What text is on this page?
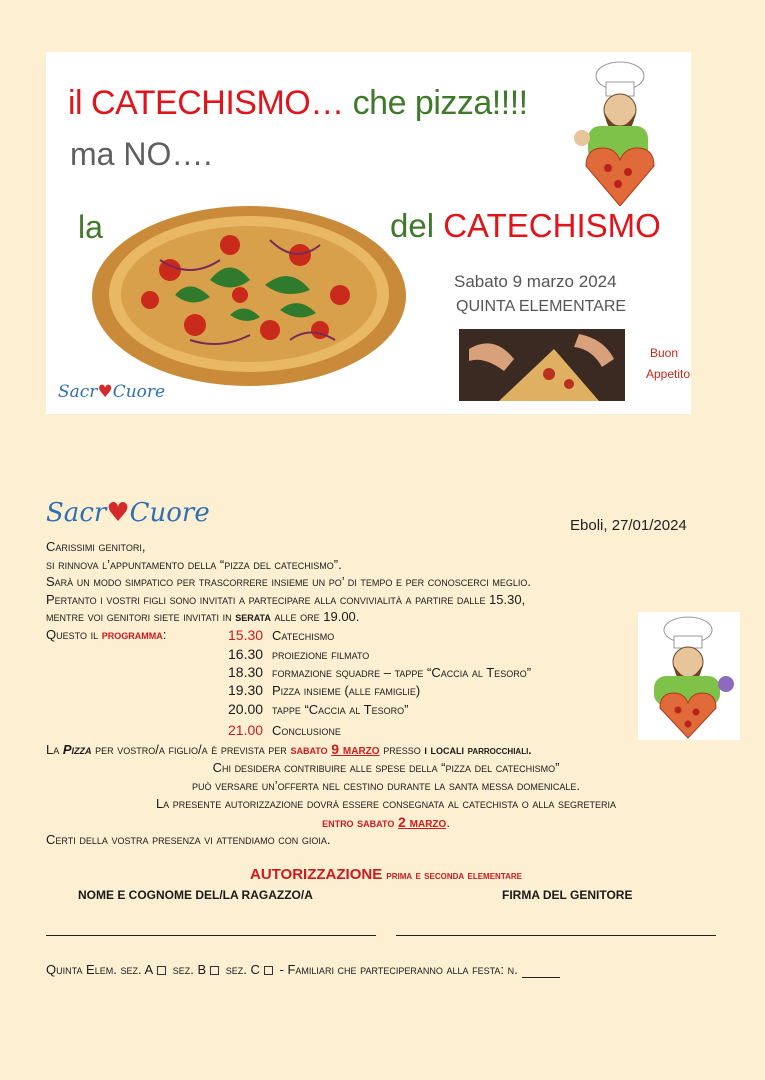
il CATECHISMO… che pizza!!!!
ma NO….
la	del CATECHISMO
Sabato 9 marzo 2024
QUINTA ELEMENTARE
Buon
Appetito
Sacr♥Cuore
Sacr♥Cuore	Eboli, 27/01/2024

Carissimi genitori,

si rinnova l’appuntamento della “pizza del catechismo”.

Sarà un modo simpatico per trascorrere insieme un po’ di tempo e per conoscerci meglio.

Pertanto i vostri figli sono invitati a partecipare alla convivialità a partire dalle 15.30,

mentre voi genitori siete invitati in serata alle ore 19.00.

Questo il programma:	15.30 Catechismo
16.30 proiezione filmato
18.30 formazione squadre – tappe “Caccia al Tesoro”
19.30 Pizza insieme (alle famiglie)
20.00 tappe “Caccia al Tesoro”
21.00 Conclusione
La Pizza per vostro/a figlio/a è prevista per sabato 9 marzo presso i locali parrocchiali.
Chi desidera contribuire alle spese della “pizza del catechismo”
può versare un’offerta nel cestino durante la santa messa domenicale.
La presente autorizzazione dovrà essere consegnata al catechista o alla segreteria
entro sabato 2 marzo.
Certi della vostra presenza vi attendiamo con gioia.
AUTORIZZAZIONE prima e seconda elementare
NOME E COGNOME DEL/LA RAGAZZO/A	FIRMA DEL GENITORE
Quinta Elem. sez. A sez. B sez. C - Familiari che parteciperanno alla festa: n.
